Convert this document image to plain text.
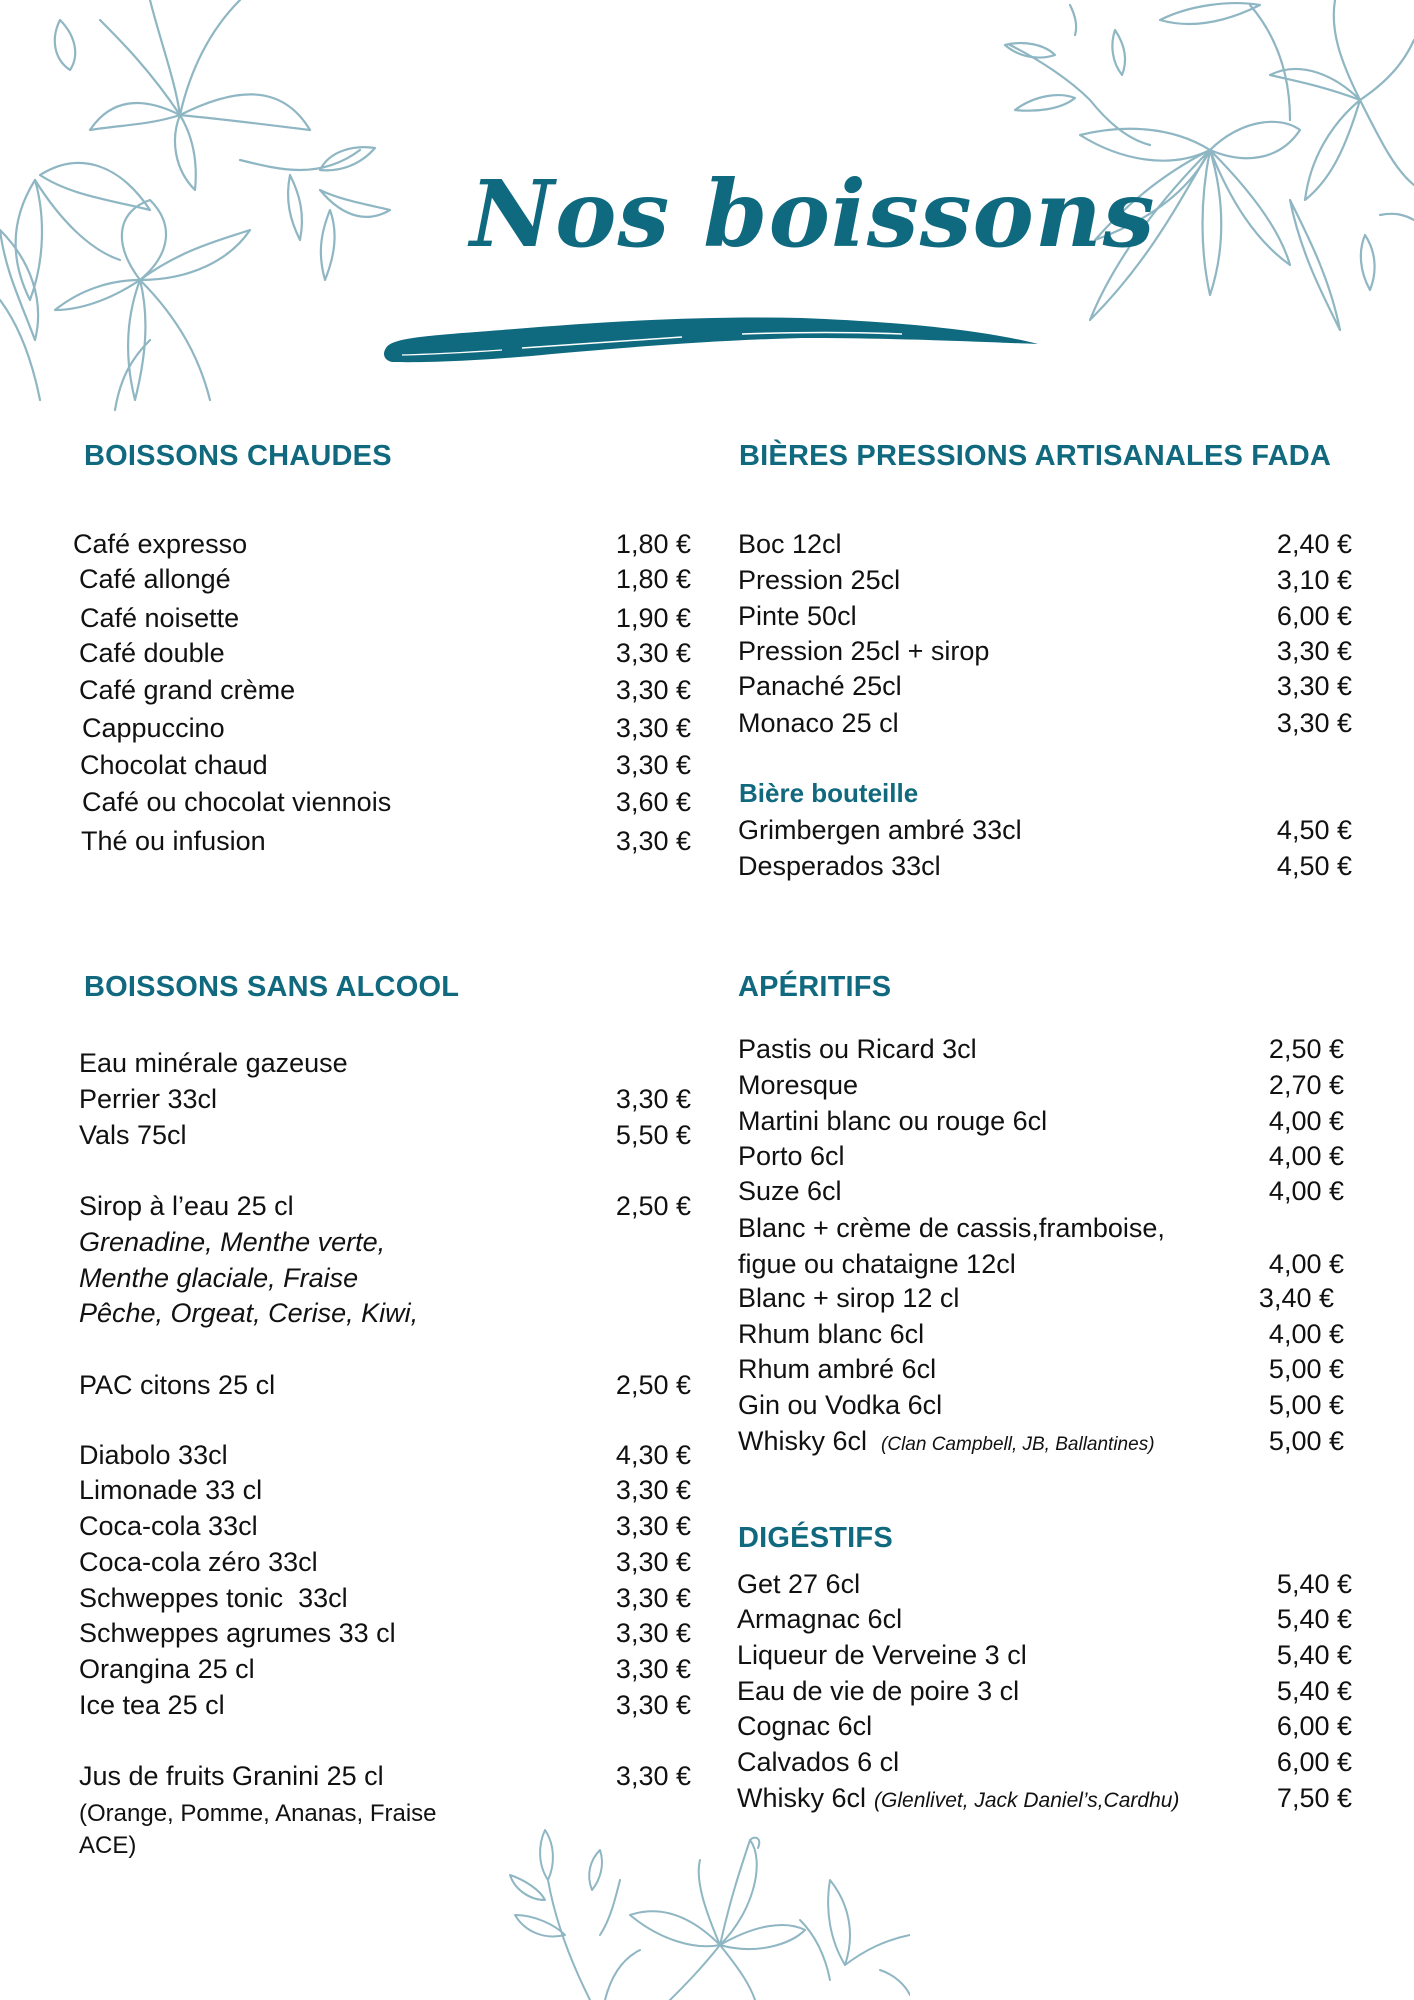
Nos boissons
BOISSONS CHAUDES
Café expresso	1,80 €
Café allongé	1,80 €
Café noisette	1,90 €
Café double	3,30 €
Café grand crème	3,30 €
Cappuccino	3,30 €
Chocolat chaud	3,30 €
Café ou chocolat viennois	3,60 €
Thé ou infusion	3,30 €
BIÈRES PRESSIONS ARTISANALES FADA
Boc 12cl	2,40 €
Pression 25cl	3,10 €
Pinte 50cl	6,00 €
Pression 25cl + sirop	3,30 €
Panaché 25cl	3,30 €
Monaco 25 cl	3,30 €
Bière bouteille
Grimbergen ambré 33cl	4,50 €
Desperados 33cl	4,50 €
BOISSONS SANS ALCOOL
Eau minérale gazeuse
Perrier 33cl	3,30 €
Vals 75cl	5,50 €
Sirop à l’eau 25 cl	2,50 €
Grenadine, Menthe verte,
Menthe glaciale, Fraise
Pêche, Orgeat, Cerise, Kiwi,
PAC citons 25 cl	2,50 €
Diabolo 33cl	4,30 €
Limonade 33 cl	3,30 €
Coca-cola 33cl	3,30 €
Coca-cola zéro 33cl	3,30 €
Schweppes tonic  33cl	3,30 €
Schweppes agrumes 33 cl	3,30 €
Orangina 25 cl	3,30 €
Ice tea 25 cl	3,30 €
Jus de fruits Granini 25 cl	3,30 €
(Orange, Pomme, Ananas, Fraise
ACE)
APÉRITIFS
Pastis ou Ricard 3cl	2,50 €
Moresque	2,70 €
Martini blanc ou rouge 6cl	4,00 €
Porto 6cl	4,00 €
Suze 6cl	4,00 €
Blanc + crème de cassis,framboise,
figue ou chataigne 12cl	4,00 €
Blanc + sirop 12 cl	3,40 €
Rhum blanc 6cl	4,00 €
Rhum ambré 6cl	5,00 €
Gin ou Vodka 6cl	5,00 €
Whisky 6cl (Clan Campbell, JB, Ballantines)	5,00 €
DIGÉSTIFS
Get 27 6cl	5,40 €
Armagnac 6cl	5,40 €
Liqueur de Verveine 3 cl	5,40 €
Eau de vie de poire 3 cl	5,40 €
Cognac 6cl	6,00 €
Calvados 6 cl	6,00 €
Whisky 6cl (Glenlivet, Jack Daniel’s,Cardhu)	7,50 €
